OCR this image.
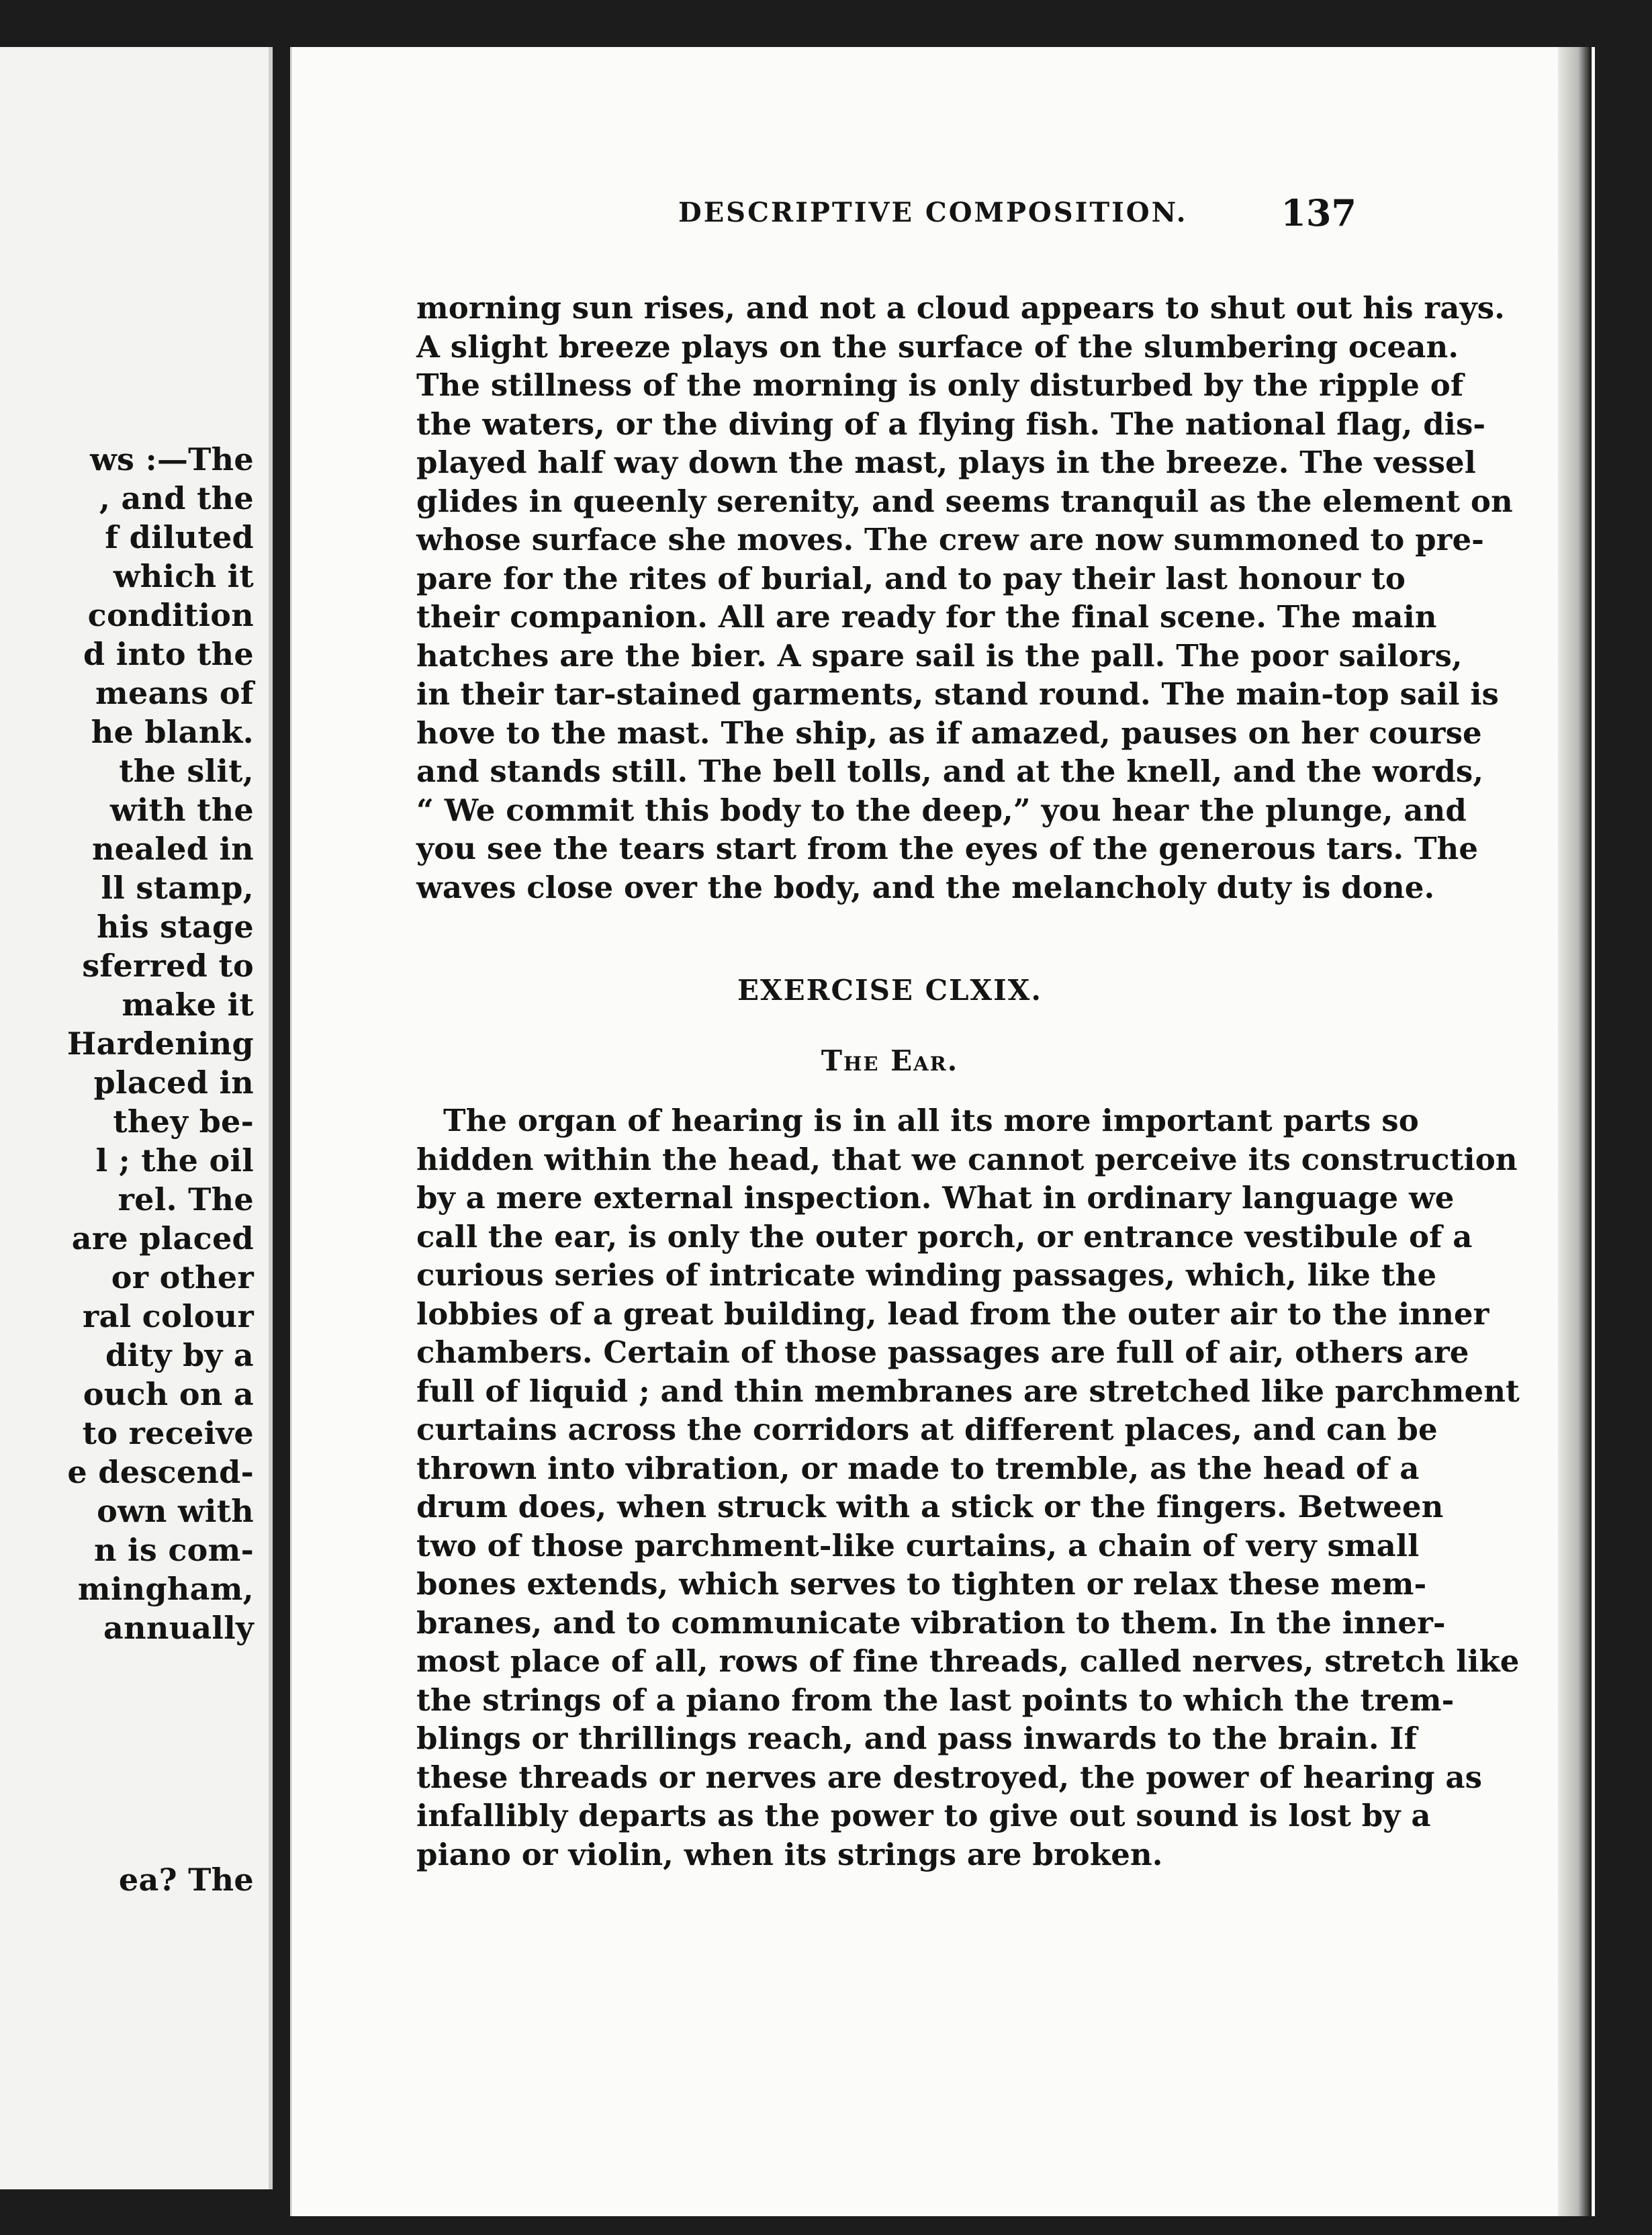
ws :—The
, and the
f diluted
which it
condition
d into the
means of
he blank.
the slit,
with the
nealed in
ll stamp,
his stage
sferred to
make it
Hardening
placed in
they be-
l ; the oil
rel. The
are placed
or other
ral colour
dity by a
ouch on a
to receive
e descend-
own with
n is com-
mingham,
annually
ea? The
DESCRIPTIVE COMPOSITION.	137
morning sun rises, and not a cloud appears to shut out his rays.
A slight breeze plays on the surface of the slumbering ocean.
The stillness of the morning is only disturbed by the ripple of
the waters, or the diving of a flying fish. The national flag, dis-
played half way down the mast, plays in the breeze. The vessel
glides in queenly serenity, and seems tranquil as the element on
whose surface she moves. The crew are now summoned to pre-
pare for the rites of burial, and to pay their last honour to
their companion. All are ready for the final scene. The main
hatches are the bier. A spare sail is the pall. The poor sailors,
in their tar-stained garments, stand round. The main-top sail is
hove to the mast. The ship, as if amazed, pauses on her course
and stands still. The bell tolls, and at the knell, and the words,
“ We commit this body to the deep,” you hear the plunge, and
you see the tears start from the eyes of the generous tars. The
waves close over the body, and the melancholy duty is done.
EXERCISE CLXIX.
The Ear.
The organ of hearing is in all its more important parts so
hidden within the head, that we cannot perceive its construction
by a mere external inspection. What in ordinary language we
call the ear, is only the outer porch, or entrance vestibule of a
curious series of intricate winding passages, which, like the
lobbies of a great building, lead from the outer air to the inner
chambers. Certain of those passages are full of air, others are
full of liquid ; and thin membranes are stretched like parchment
curtains across the corridors at different places, and can be
thrown into vibration, or made to tremble, as the head of a
drum does, when struck with a stick or the fingers. Between
two of those parchment-like curtains, a chain of very small
bones extends, which serves to tighten or relax these mem-
branes, and to communicate vibration to them. In the inner-
most place of all, rows of fine threads, called nerves, stretch like
the strings of a piano from the last points to which the trem-
blings or thrillings reach, and pass inwards to the brain. If
these threads or nerves are destroyed, the power of hearing as
infallibly departs as the power to give out sound is lost by a
piano or violin, when its strings are broken.
